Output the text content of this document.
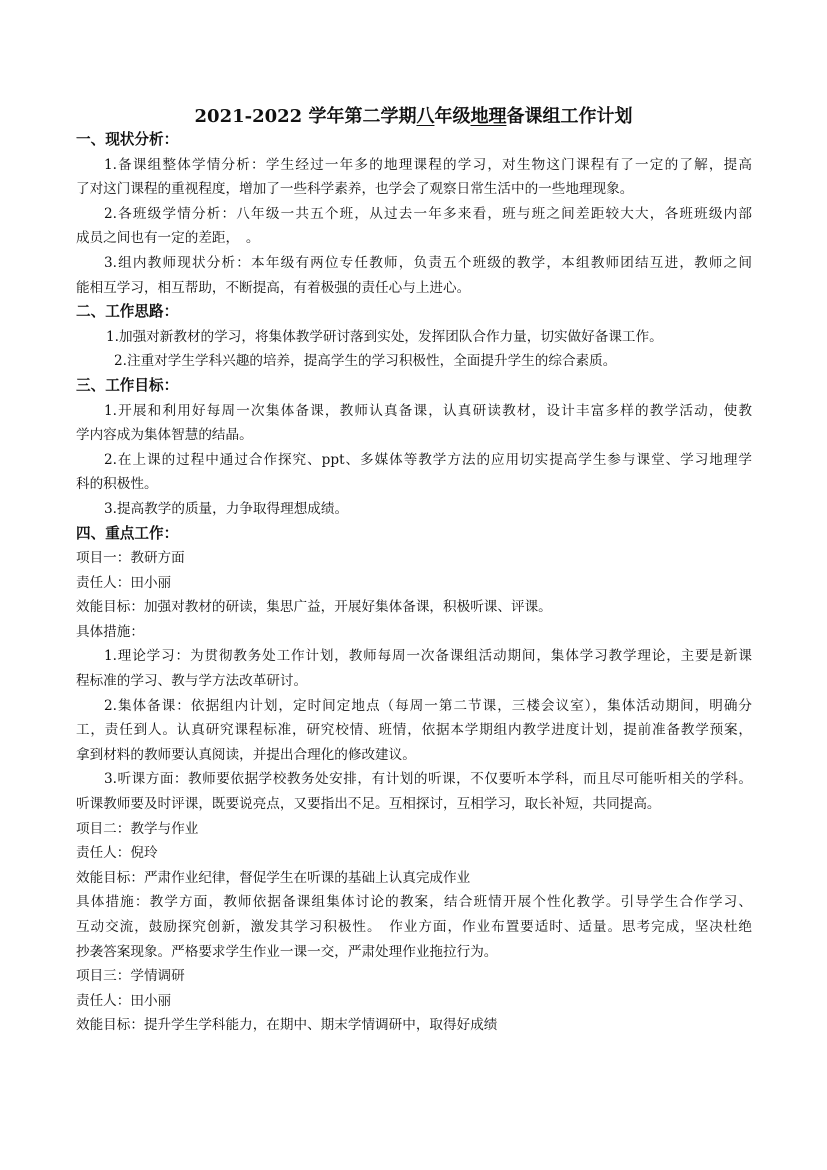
2021-2022 学年第二学期八年级地理备课组工作计划
一、现状分析：
1.备课组整体学情分析：学生经过一年多的地理课程的学习，对生物这门课程有了一定的了解，提高
了对这门课程的重视程度，增加了一些科学素养，也学会了观察日常生活中的一些地理现象。
2.各班级学情分析：八年级一共五个班，从过去一年多来看，班与班之间差距较大大，各班班级内部
成员之间也有一定的差距，　。
3.组内教师现状分析：本年级有两位专任教师，负责五个班级的教学，本组教师团结互进，教师之间
能相互学习，相互帮助，不断提高，有着极强的责任心与上进心。
二、工作思路：
1.加强对新教材的学习，将集体教学研讨落到实处，发挥团队合作力量，切实做好备课工作。
2.注重对学生学科兴趣的培养，提高学生的学习积极性，全面提升学生的综合素质。
三、工作目标：
1.开展和利用好每周一次集体备课，教师认真备课，认真研读教材，设计丰富多样的教学活动，使教
学内容成为集体智慧的结晶。
2.在上课的过程中通过合作探究、ppt、多媒体等教学方法的应用切实提高学生参与课堂、学习地理学
科的积极性。
3.提高教学的质量，力争取得理想成绩。
四、重点工作：
项目一：教研方面
责任人：田小丽
效能目标：加强对教材的研读，集思广益，开展好集体备课，积极听课、评课。
具体措施：
1.理论学习：为贯彻教务处工作计划，教师每周一次备课组活动期间，集体学习教学理论，主要是新课
程标准的学习、教与学方法改革研讨。
2.集体备课：依据组内计划，定时间定地点（每周一第二节课，三楼会议室），集体活动期间，明确分
工，责任到人。认真研究课程标准，研究校情、班情，依据本学期组内教学进度计划，提前准备教学预案，
拿到材料的教师要认真阅读，并提出合理化的修改建议。
3.听课方面：教师要依据学校教务处安排，有计划的听课，不仅要听本学科，而且尽可能听相关的学科。
听课教师要及时评课，既要说亮点，又要指出不足。互相探讨，互相学习，取长补短，共同提高。
项目二：教学与作业
责任人：倪玲
效能目标：严肃作业纪律，督促学生在听课的基础上认真完成作业
具体措施：教学方面，教师依据备课组集体讨论的教案，结合班情开展个性化教学。引导学生合作学习、
互动交流，鼓励探究创新，激发其学习积极性。　作业方面，作业布置要适时、适量。思考完成，坚决杜绝
抄袭答案现象。严格要求学生作业一课一交，严肃处理作业拖拉行为。
项目三：学情调研
责任人：田小丽
效能目标：提升学生学科能力，在期中、期末学情调研中，取得好成绩
